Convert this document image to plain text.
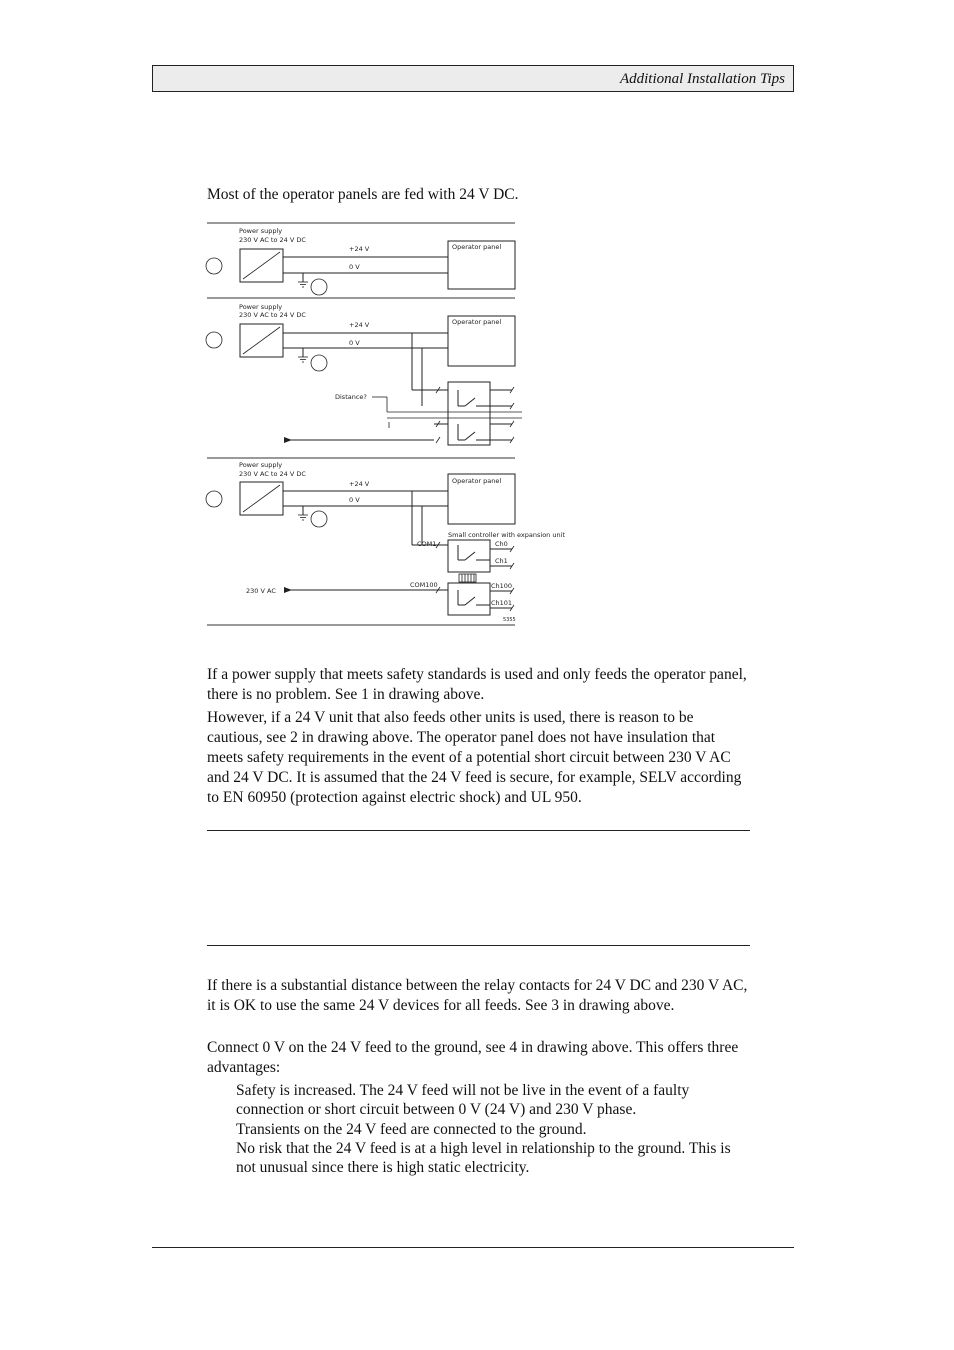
Additional Installation Tips

Most of the operator panels are fed with 24 V DC.

Power supply
230 V AC to 24 V DC
+24 V
0 V
Operator panel
Power supply
230 V AC to 24 V DC
+24 V
0 V
Operator panel
Distance?
Power supply
230 V AC to 24 V DC
+24 V
0 V
Operator panel
Small controller with expansion unit
COM1	Ch0
Ch1
COM100
230 V AC
Ch100
Ch101
5355

If a power supply that meets safety standards is used and only feeds the operator panel, there is no problem. See 1 in drawing above.

However, if a 24 V unit that also feeds other units is used, there is reason to be cautious, see 2 in drawing above. The operator panel does not have insulation that meets safety requirements in the event of a potential short circuit between 230 V AC and 24 V DC. It is assumed that the 24 V feed is secure, for example, SELV according to EN 60950 (protection against electric shock) and UL 950.

If there is a substantial distance between the relay contacts for 24 V DC and 230 V AC, it is OK to use the same 24 V devices for all feeds. See 3 in drawing above.

Connect 0 V on the 24 V feed to the ground, see 4 in drawing above. This offers three advantages:

Safety is increased. The 24 V feed will not be live in the event of a faulty connection or short circuit between 0 V (24 V) and 230 V phase.

Transients on the 24 V feed are connected to the ground.

No risk that the 24 V feed is at a high level in relationship to the ground. This is not unusual since there is high static electricity.
